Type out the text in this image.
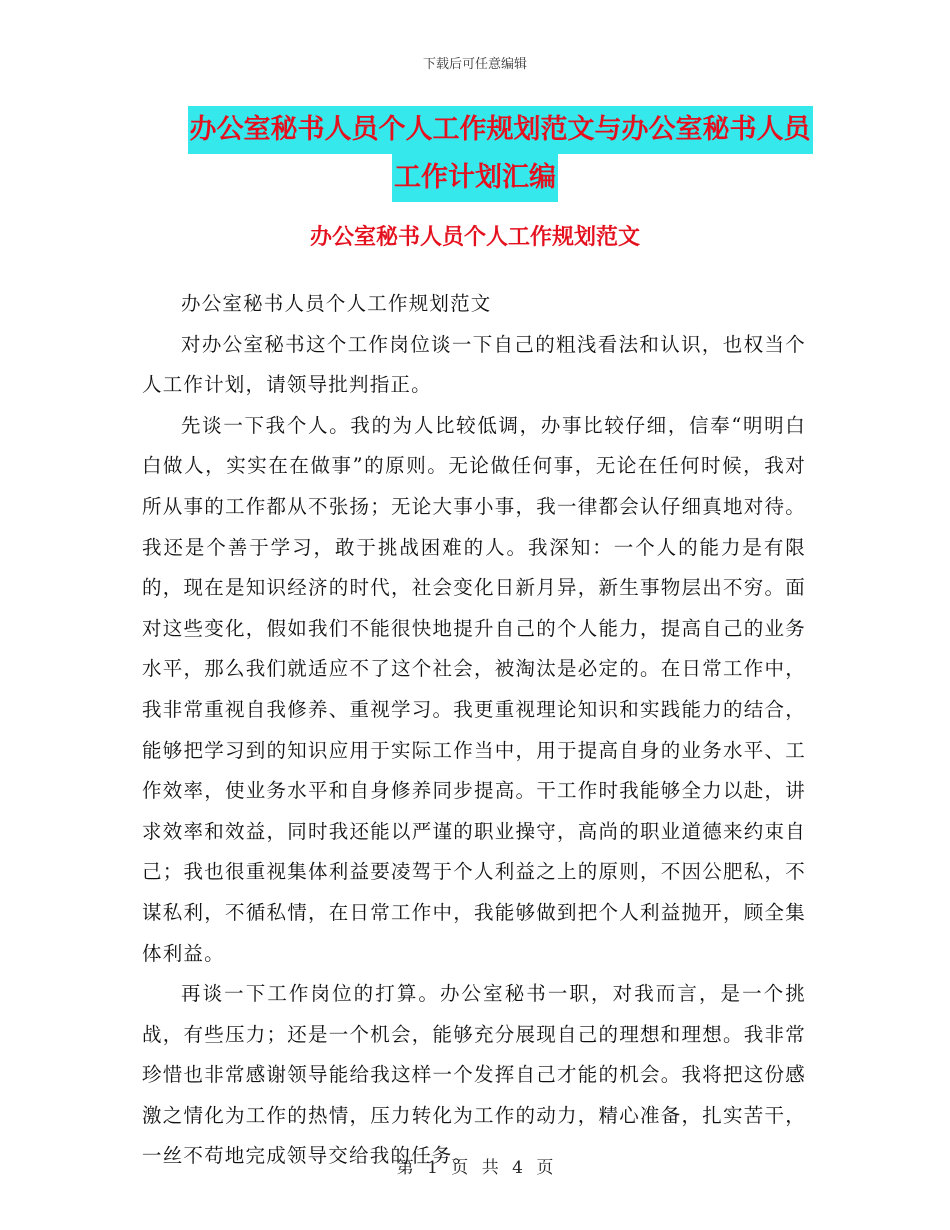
下载后可任意编辑
办公室秘书人员个人工作规划范文与办公室秘书人员
工作计划汇编
办公室秘书人员个人工作规划范文

办公室秘书人员个人工作规划范文

对办公室秘书这个工作岗位谈一下自己的粗浅看法和认识，也权当个人工作计划，请领导批判指正。

先谈一下我个人。我的为人比较低调，办事比较仔细，信奉“明明白白做人，实实在在做事”的原则。无论做任何事，无论在任何时候，我对所从事的工作都从不张扬；无论大事小事，我一律都会认仔细真地对待。我还是个善于学习，敢于挑战困难的人。我深知：一个人的能力是有限的，现在是知识经济的时代，社会变化日新月异，新生事物层出不穷。面对这些变化，假如我们不能很快地提升自己的个人能力，提高自己的业务水平，那么我们就适应不了这个社会，被淘汰是必定的。在日常工作中，我非常重视自我修养、重视学习。我更重视理论知识和实践能力的结合，能够把学习到的知识应用于实际工作当中，用于提高自身的业务水平、工作效率，使业务水平和自身修养同步提高。干工作时我能够全力以赴，讲求效率和效益，同时我还能以严谨的职业操守，高尚的职业道德来约束自己；我也很重视集体利益要凌驾于个人利益之上的原则，不因公肥私，不谋私利，不循私情，在日常工作中，我能够做到把个人利益抛开，顾全集体利益。

再谈一下工作岗位的打算。办公室秘书一职，对我而言，是一个挑战，有些压力；还是一个机会，能够充分展现自己的理想和理想。我非常珍惜也非常感谢领导能给我这样一个发挥自己才能的机会。我将把这份感激之情化为工作的热情，压力转化为工作的动力，精心准备，扎实苦干，一丝不苟地完成领导交给我的任务。

第 1 页 共 4 页
